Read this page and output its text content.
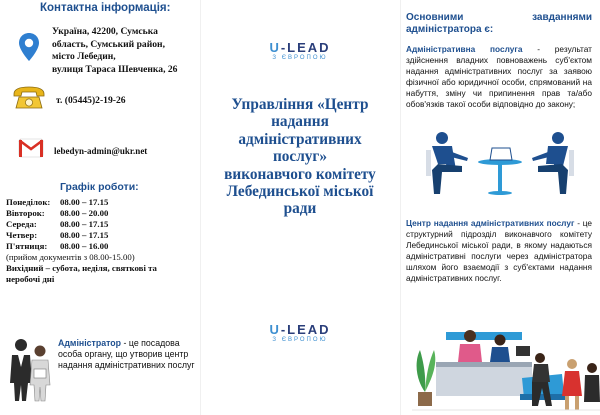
Контактна інформація:
Україна, 42200, Сумська
область, Сумський район,
місто Лебедин,
вулиця Тараса Шевченка, 26
т. (05445)2-19-26
lebedyn-admin@ukr.net
Графік роботи:
Понеділок: 08.00 – 17.15
Вівторок: 08.00 – 20.00
Середа:	08.00 – 17.15
Четвер:	08.00 – 17.15
П'ятниця: 08.00 – 16.00
(прийом документів з 08.00-15.00)
Вихідний – субота, неділя, святкові та
неробочі дні
Адміністратор - це посадова
особа органу, що утворив центр
надання адміністративних послуг
U-LEAD
З ЄВРОПОЮ
Управління «Центр
надання
адміністративних
послуг»
виконавчого комітету
Лебединської міської
ради
U-LEAD
З ЄВРОПОЮ
Основними	завданнями
адміністратора є:
Адміністративна послуга - результат здійснення владних повноважень суб'єктом надання адміністративних послуг за заявою фізичної або юридичної особи, спрямований на набуття, зміну чи припинення прав та/або обов'язків такої особи відповідно до закону;
Центр надання адміністративних послуг - це структурний підрозділ виконавчого комітету Лебединської міської ради, в якому надаються адміністративні послуги через адміністратора шляхом його взаємодії з суб'єктами надання адміністративних послуг.
